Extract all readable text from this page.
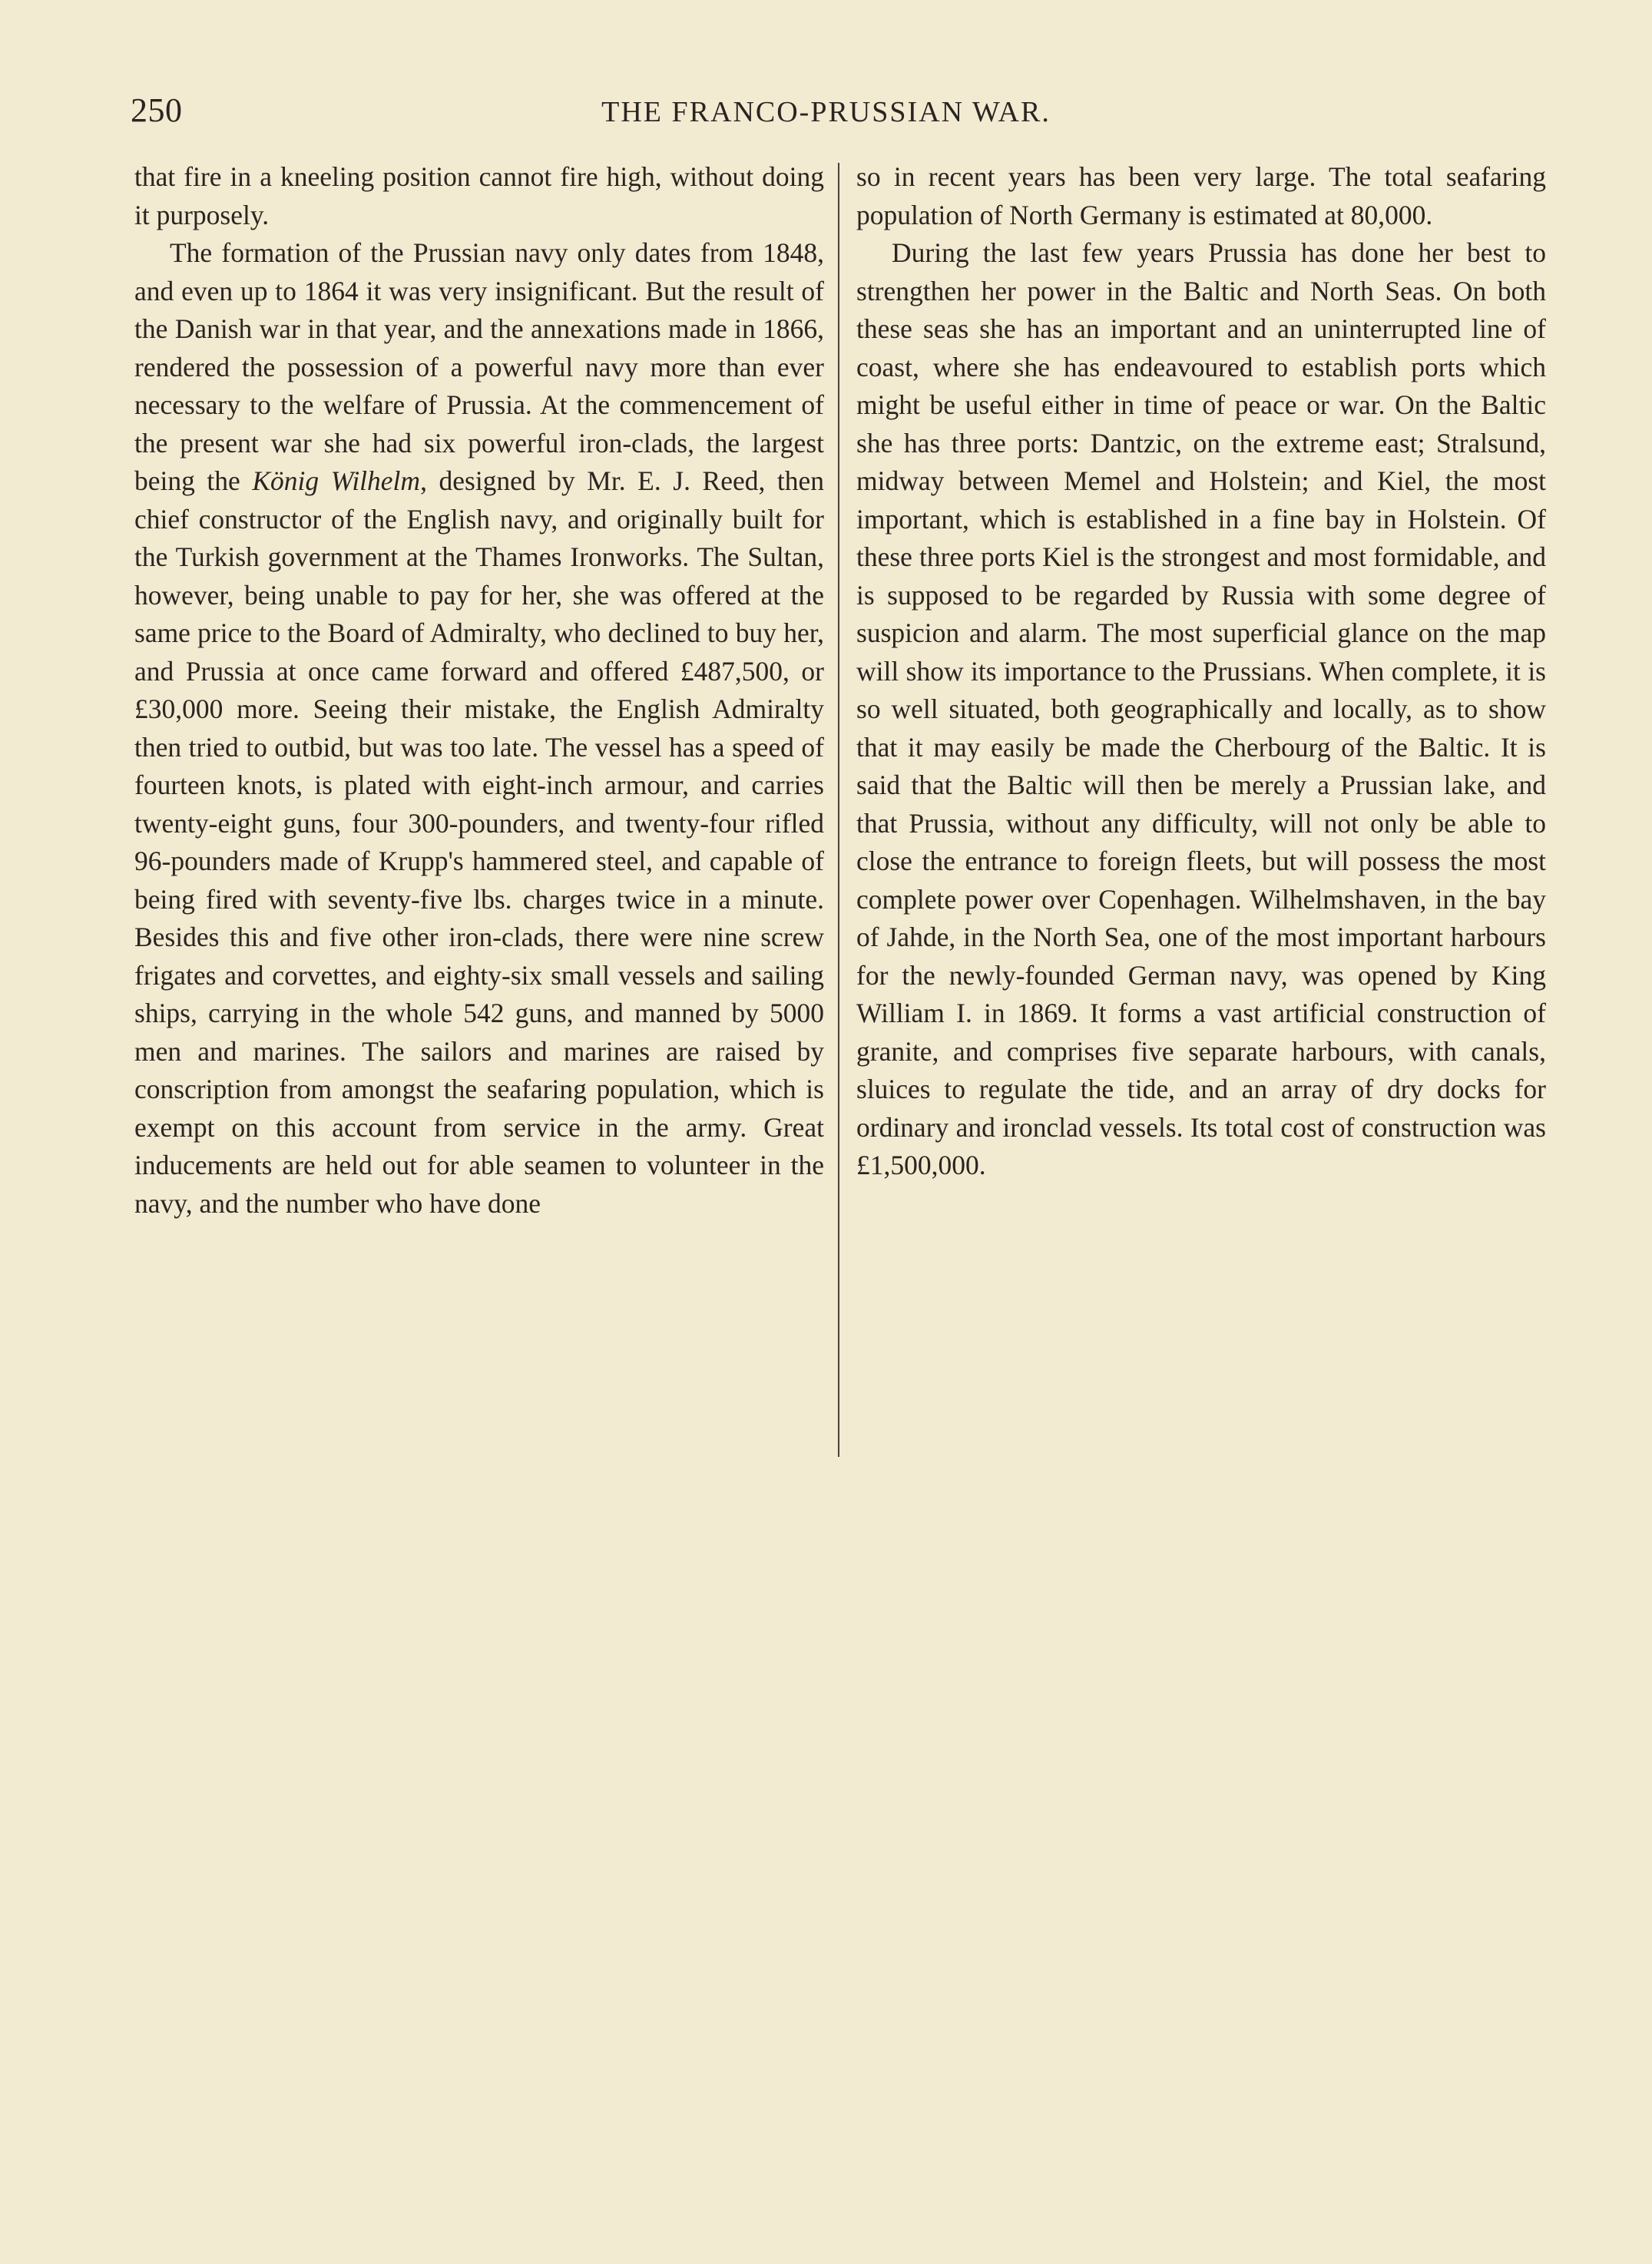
250	THE FRANCO-PRUSSIAN WAR.

that fire in a kneeling position cannot fire high, without doing it purposely.

The formation of the Prussian navy only dates from 1848, and even up to 1864 it was very insignificant. But the result of the Danish war in that year, and the annexations made in 1866, rendered the possession of a powerful navy more than ever necessary to the welfare of Prussia. At the commencement of the present war she had six powerful iron-clads, the largest being the König Wilhelm, designed by Mr. E. J. Reed, then chief constructor of the English navy, and originally built for the Turkish government at the Thames Ironworks. The Sultan, however, being unable to pay for her, she was offered at the same price to the Board of Admiralty, who declined to buy her, and Prussia at once came forward and offered £487,500, or £30,000 more. Seeing their mistake, the English Admiralty then tried to outbid, but was too late. The vessel has a speed of fourteen knots, is plated with eight-inch armour, and carries twenty-eight guns, four 300-pounders, and twenty-four rifled 96-pounders made of Krupp's hammered steel, and capable of being fired with seventy-five lbs. charges twice in a minute. Besides this and five other iron-clads, there were nine screw frigates and corvettes, and eighty-six small vessels and sailing ships, carrying in the whole 542 guns, and manned by 5000 men and marines. The sailors and marines are raised by conscription from amongst the seafaring population, which is exempt on this account from service in the army. Great inducements are held out for able seamen to volunteer in the navy, and the number who have done

so in recent years has been very large. The total seafaring population of North Germany is estimated at 80,000.

During the last few years Prussia has done her best to strengthen her power in the Baltic and North Seas. On both these seas she has an important and an uninterrupted line of coast, where she has endeavoured to establish ports which might be useful either in time of peace or war. On the Baltic she has three ports: Dantzic, on the extreme east; Stralsund, midway between Memel and Holstein; and Kiel, the most important, which is established in a fine bay in Holstein. Of these three ports Kiel is the strongest and most formidable, and is supposed to be regarded by Russia with some degree of suspicion and alarm. The most superficial glance on the map will show its importance to the Prussians. When complete, it is so well situated, both geographically and locally, as to show that it may easily be made the Cherbourg of the Baltic. It is said that the Baltic will then be merely a Prussian lake, and that Prussia, without any difficulty, will not only be able to close the entrance to foreign fleets, but will possess the most complete power over Copenhagen. Wilhelmshaven, in the bay of Jahde, in the North Sea, one of the most important harbours for the newly-founded German navy, was opened by King William I. in 1869. It forms a vast artificial construction of granite, and comprises five separate harbours, with canals, sluices to regulate the tide, and an array of dry docks for ordinary and ironclad vessels. Its total cost of construction was £1,500,000.
